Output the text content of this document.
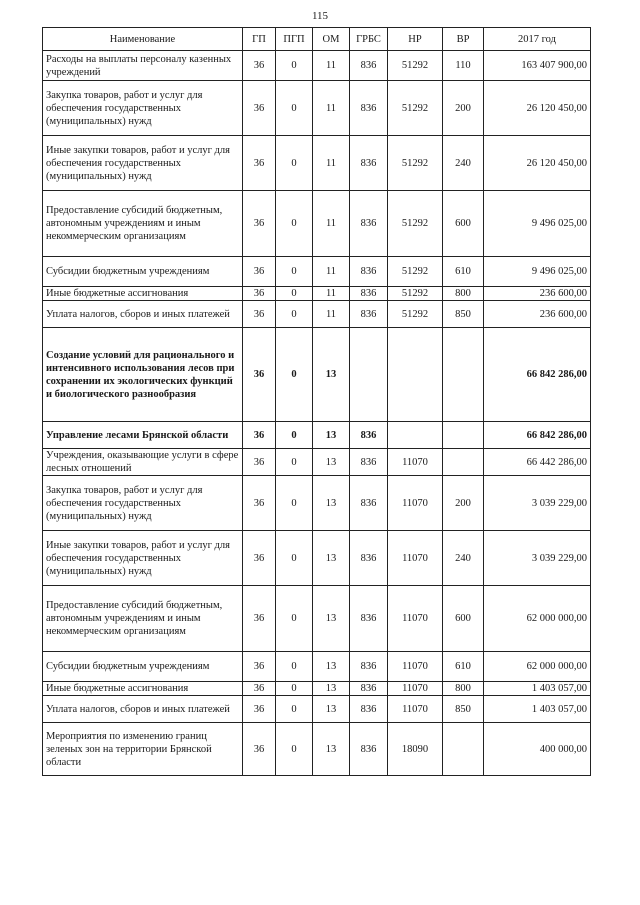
115
Наименование	ГП	ПГП	ОМ	ГРБС	НР	ВР	2017 год
Расходы на выплаты персоналу казенных учреждений	36	0	11	836	51292	110	163 407 900,00
Закупка товаров, работ и услуг для обеспечения государственных (муниципальных) нужд	36	0	11	836	51292	200	26 120 450,00
Иные закупки товаров, работ и услуг для обеспечения государственных (муниципальных) нужд	36	0	11	836	51292	240	26 120 450,00
Предоставление субсидий бюджетным, автономным учреждениям и иным некоммерческим организациям	36	0	11	836	51292	600	9 496 025,00
Субсидии бюджетным учреждениям	36	0	11	836	51292	610	9 496 025,00
Иные бюджетные ассигнования	36	0	11	836	51292	800	236 600,00
Уплата налогов, сборов и иных платежей	36	0	11	836	51292	850	236 600,00
Создание условий для рационального и интенсивного использования лесов при сохранении их экологических функций и биологического разнообразия	36	0	13				66 842 286,00
Управление лесами Брянской области	36	0	13	836			66 842 286,00
Учреждения, оказывающие услуги в сфере лесных отношений	36	0	13	836	11070		66 442 286,00
Закупка товаров, работ и услуг для обеспечения государственных (муниципальных) нужд	36	0	13	836	11070	200	3 039 229,00
Иные закупки товаров, работ и услуг для обеспечения государственных (муниципальных) нужд	36	0	13	836	11070	240	3 039 229,00
Предоставление субсидий бюджетным, автономным учреждениям и иным некоммерческим организациям	36	0	13	836	11070	600	62 000 000,00
Субсидии бюджетным учреждениям	36	0	13	836	11070	610	62 000 000,00
Иные бюджетные ассигнования	36	0	13	836	11070	800	1 403 057,00
Уплата налогов, сборов и иных платежей	36	0	13	836	11070	850	1 403 057,00
Мероприятия по изменению границ зеленых зон на территории Брянской области	36	0	13	836	18090		400 000,00
